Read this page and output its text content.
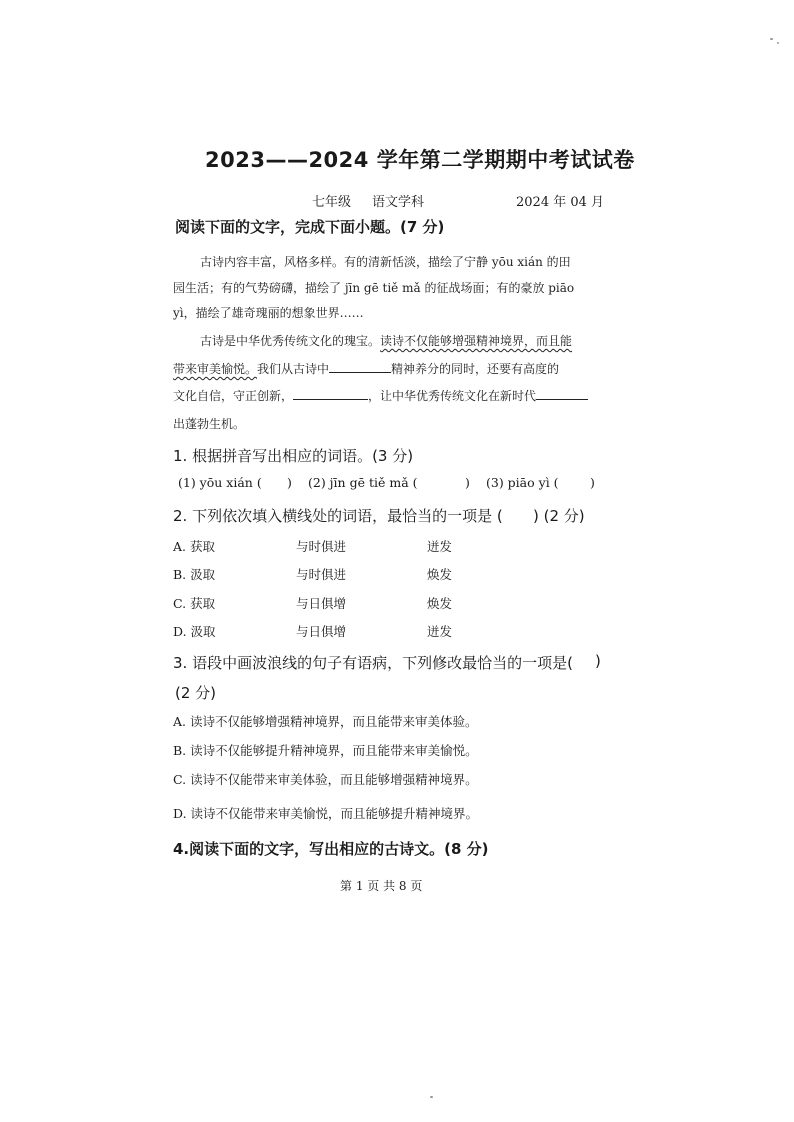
2023——2024 学年第二学期期中考试试卷
七年级 语文学科	2024 年 04 月
阅读下面的文字，完成下面小题。(7 分)
古诗内容丰富，风格多样。有的清新恬淡，描绘了宁静 yōu xián 的田
园生活；有的气势磅礴，描绘了 jīn gē tiě mǎ 的征战场面；有的豪放 piāo
yì，描绘了雄奇瑰丽的想象世界……
古诗是中华优秀传统文化的瑰宝。读诗不仅能够增强精神境界，而且能
带来审美愉悦。我们从古诗中	精神养分的同时，还要有高度的
文化自信，守正创新，	，让中华优秀传统文化在新时代
出蓬勃生机。
1. 根据拼音写出相应的词语。(3 分)
(1) yōu xián ( ) (2) jīn gē tiě mǎ (	) (3) piāo yì (	)
2. 下列依次填入横线处的词语，最恰当的一项是 ( ) (2 分)
A. 获取	与时俱进	迸发
B. 汲取	与时俱进	焕发
C. 获取	与日俱增	焕发
D. 汲取	与日俱增	迸发
3. 语段中画波浪线的句子有语病，下列修改最恰当的一项是( )
(2 分)
A. 读诗不仅能够增强精神境界，而且能带来审美体验。
B. 读诗不仅能够提升精神境界，而且能带来审美愉悦。
C. 读诗不仅能带来审美体验，而且能够增强精神境界。
D. 读诗不仅能带来审美愉悦，而且能够提升精神境界。
4.阅读下面的文字，写出相应的古诗文。(8 分)
第 1 页 共 8 页
